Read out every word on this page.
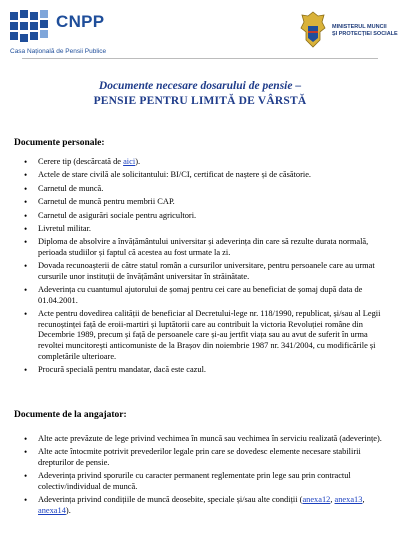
CNPP
Casa Națională de Pensii Publice
MINISTERUL MUNCII
ȘI PROTECȚIEI SOCIALE
Documente necesare dosarului de pensie –
PENSIE PENTRU LIMITĂ DE VÂRSTĂ
Documente personale:
• Cerere tip (descărcată de aici).
• Actele de stare civilă ale solicitantului: BI/CI, certificat de naștere și de căsătorie.
• Carnetul de muncă.
• Carnetul de muncă pentru membrii CAP.
• Carnetul de asigurări sociale pentru agricultori.
• Livretul militar.
• Diploma de absolvire a învățământului universitar și adeverința din care să rezulte durata normală, perioada studiilor și faptul că acestea au fost urmate la zi.
• Dovada recunoașterii de către statul român a cursurilor universitare, pentru persoanele care au urmat cursurile unor instituții de învățământ universitar în străinătate.
• Adeverința cu cuantumul ajutorului de șomaj pentru cei care au beneficiat de șomaj după data de 01.04.2001.
• Acte pentru dovedirea calității de beneficiar al Decretului-lege nr. 118/1990, republicat, și/sau al Legii recunoștinței față de eroii-martiri și luptătorii care au contribuit la victoria Revoluției române din Decembrie 1989, precum și față de persoanele care și-au jertfit viața sau au avut de suferit în urma revoltei muncitorești anticomuniste de la Brașov din noiembrie 1987 nr. 341/2004, cu modificările și completările ulterioare.
• Procură specială pentru mandatar, dacă este cazul.
Documente de la angajator:
• Alte acte prevăzute de lege privind vechimea în muncă sau vechimea în serviciu realizată (adeverințe).
• Alte acte întocmite potrivit prevederilor legale prin care se dovedesc elemente necesare stabilirii drepturilor de pensie.
• Adeverința privind sporurile cu caracter permanent reglementate prin lege sau prin contractul colectiv/individual de muncă.
• Adeverința privind condițiile de muncă deosebite, speciale și/sau alte condiții (anexa12, anexa13, anexa14).
